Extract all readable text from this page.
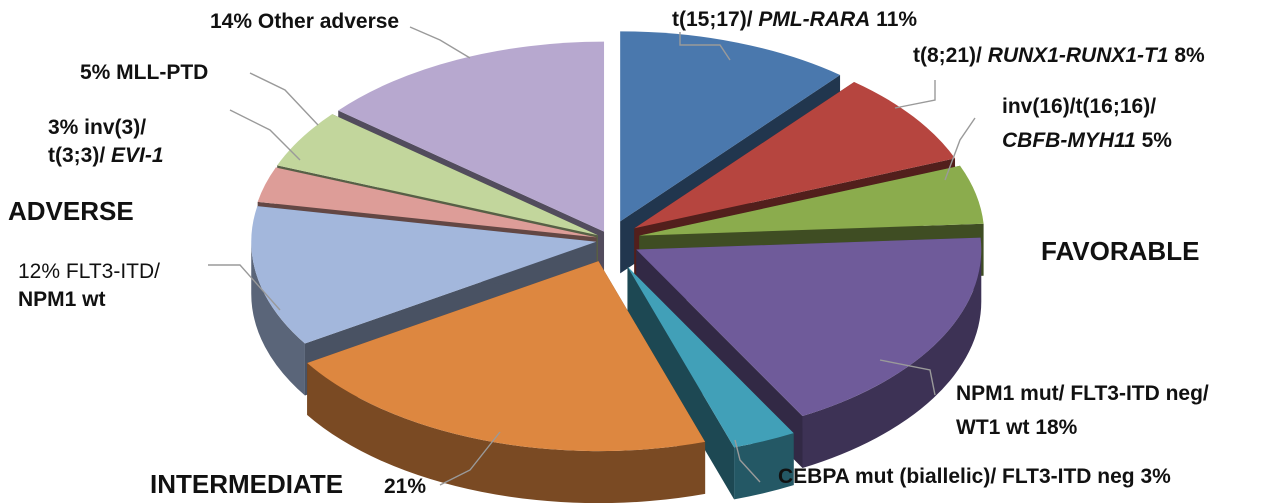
t(15;17)/ PML-RARA 11%
t(8;21)/ RUNX1-RUNX1-T1 8%
inv(16)/t(16;16)/
CBFB-MYH11 5%
NPM1 mut/ FLT3-ITD neg/
WT1 wt 18%
CEBPA mut (biallelic)/ FLT3-ITD neg 3%
21%
12% FLT3-ITD/
NPM1 wt
3% inv(3)/
t(3;3)/ EVI-1
5% MLL-PTD
14% Other adverse
FAVORABLE
INTERMEDIATE
ADVERSE
